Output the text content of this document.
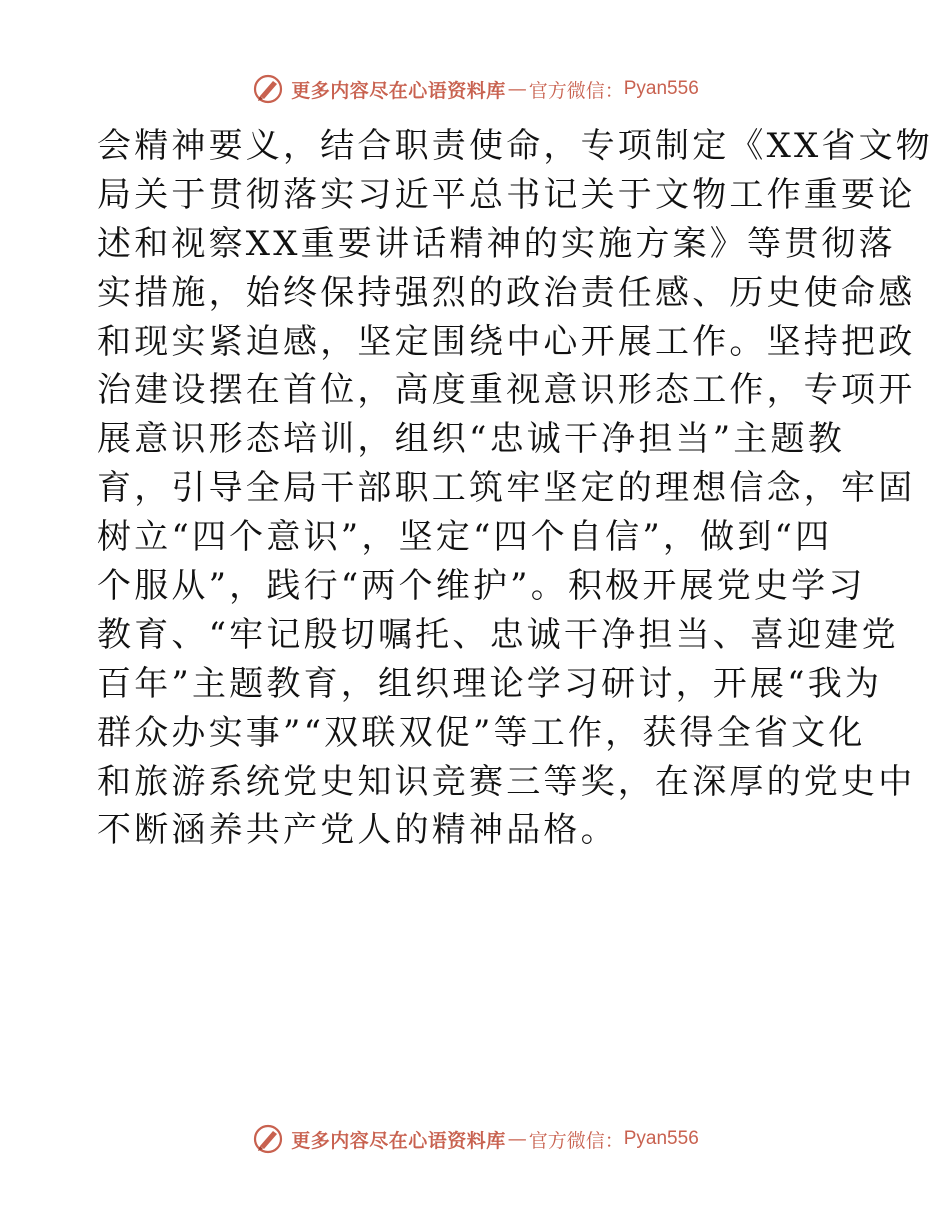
更多内容尽在心语资料库 — 官方微信： Pyan556
会精神要义，结合职责使命，专项制定《XX省文物
局关于贯彻落实习近平总书记关于文物工作重要论
述和视察XX重要讲话精神的实施方案》等贯彻落
实措施，始终保持强烈的政治责任感、历史使命感
和现实紧迫感，坚定围绕中心开展工作。坚持把政
治建设摆在首位，高度重视意识形态工作，专项开
展意识形态培训，组织“忠诚干净担当”主题教
育，引导全局干部职工筑牢坚定的理想信念，牢固
树立“四个意识”，坚定“四个自信”，做到“四
个服从”，践行“两个维护”。积极开展党史学习
教育、“牢记殷切嘱托、忠诚干净担当、喜迎建党
百年”主题教育，组织理论学习研讨，开展“我为
群众办实事”“双联双促”等工作，获得全省文化
和旅游系统党史知识竞赛三等奖，在深厚的党史中
不断涵养共产党人的精神品格。
更多内容尽在心语资料库 — 官方微信： Pyan556
